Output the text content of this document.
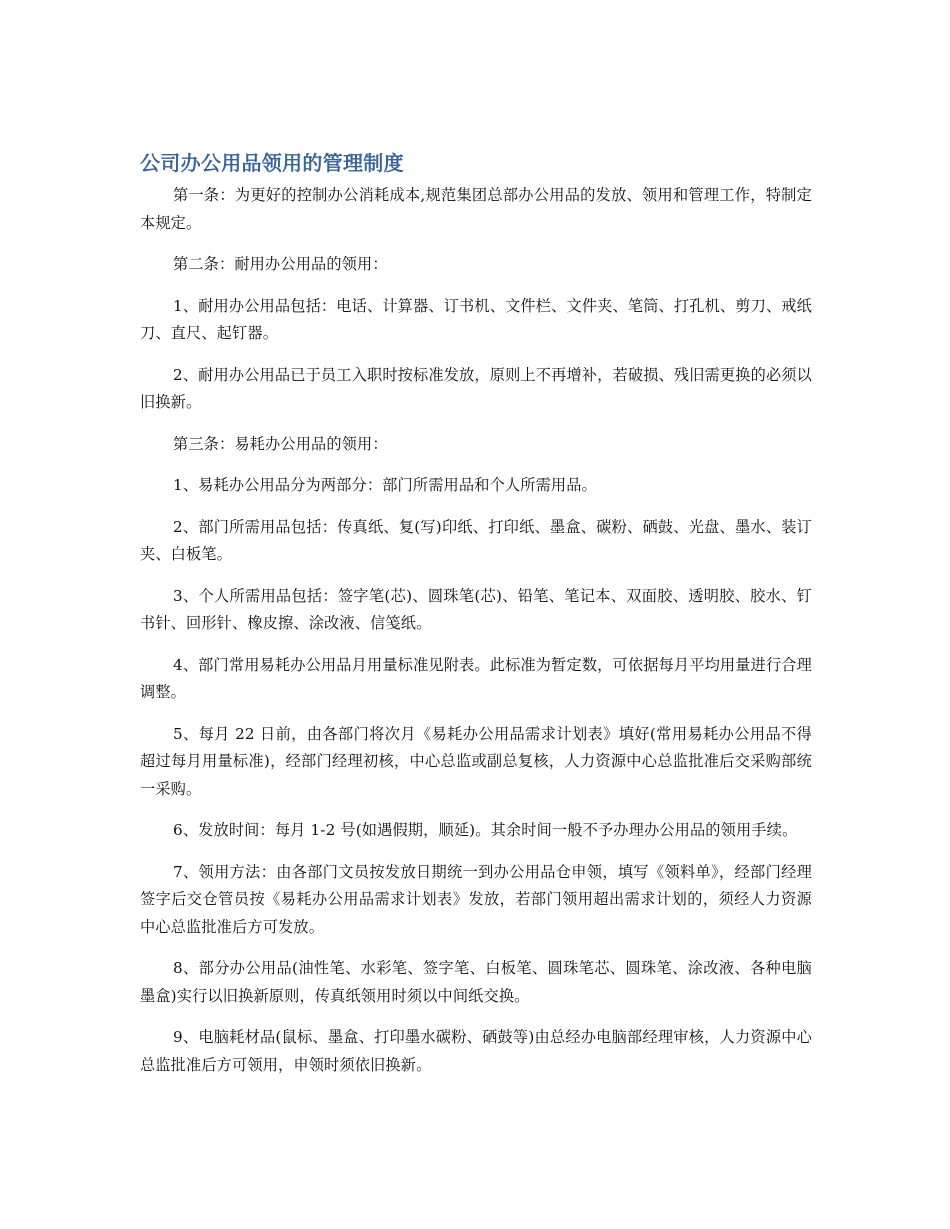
公司办公用品领用的管理制度

第一条：为更好的控制办公消耗成本,规范集团总部办公用品的发放、领用和管理工作，特制定本规定。

第二条：耐用办公用品的领用：

1、耐用办公用品包括：电话、计算器、订书机、文件栏、文件夹、笔筒、打孔机、剪刀、戒纸刀、直尺、起钉器。

2、耐用办公用品已于员工入职时按标准发放，原则上不再增补，若破损、残旧需更换的必须以旧换新。

第三条：易耗办公用品的领用：

1、易耗办公用品分为两部分：部门所需用品和个人所需用品。

2、部门所需用品包括：传真纸、复(写)印纸、打印纸、墨盒、碳粉、硒鼓、光盘、墨水、装订夹、白板笔。

3、个人所需用品包括：签字笔(芯)、圆珠笔(芯)、铅笔、笔记本、双面胶、透明胶、胶水、钉书针、回形针、橡皮擦、涂改液、信笺纸。

4、部门常用易耗办公用品月用量标准见附表。此标准为暂定数，可依据每月平均用量进行合理调整。

5、每月 22 日前，由各部门将次月《易耗办公用品需求计划表》填好(常用易耗办公用品不得超过每月用量标准)，经部门经理初核，中心总监或副总复核，人力资源中心总监批准后交采购部统一采购。

6、发放时间：每月 1-2 号(如遇假期，顺延)。其余时间一般不予办理办公用品的领用手续。

7、领用方法：由各部门文员按发放日期统一到办公用品仓申领，填写《领料单》，经部门经理签字后交仓管员按《易耗办公用品需求计划表》发放，若部门领用超出需求计划的，须经人力资源中心总监批准后方可发放。

8、部分办公用品(油性笔、水彩笔、签字笔、白板笔、圆珠笔芯、圆珠笔、涂改液、各种电脑墨盒)实行以旧换新原则，传真纸领用时须以中间纸交换。

9、电脑耗材品(鼠标、墨盒、打印墨水碳粉、硒鼓等)由总经办电脑部经理审核，人力资源中心总监批准后方可领用，申领时须依旧换新。
